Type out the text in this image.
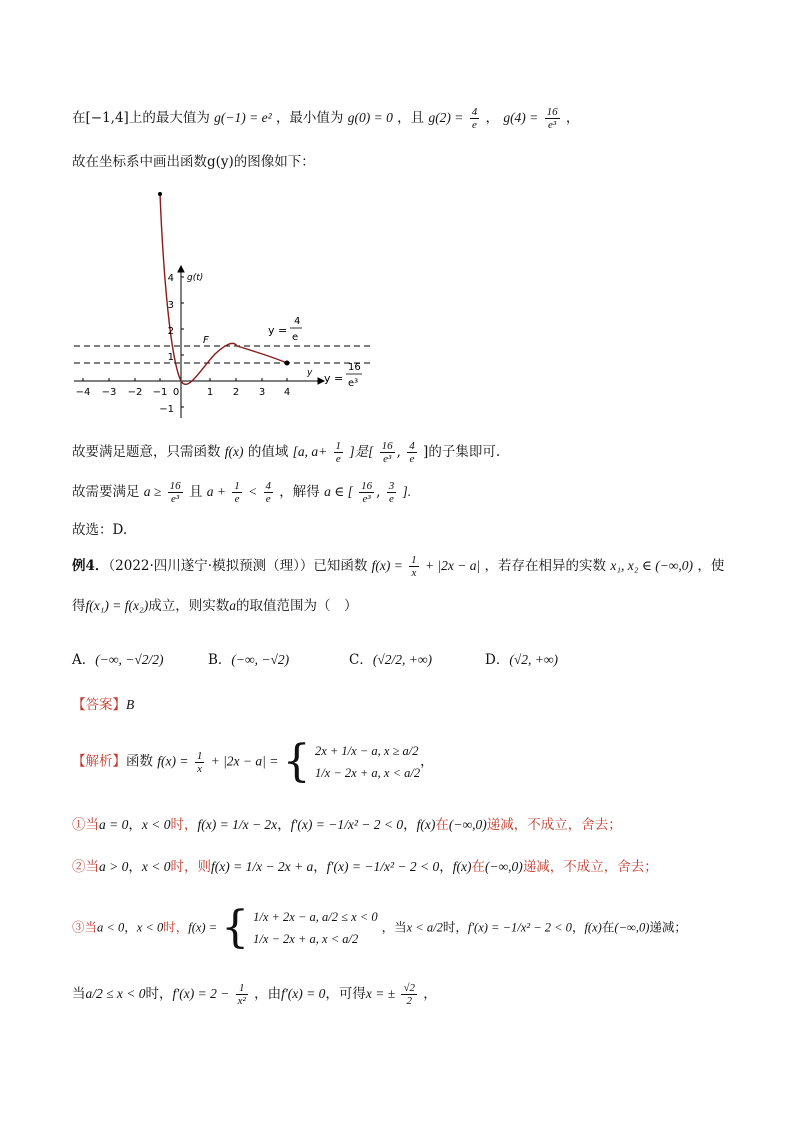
在[−1,4]上的最大值为 g(−1) = e² ，最小值为 g(0) = 0 ，且 $g(2) = \frac{4}{e}$ ， $g(4) = \frac{16}{\text{e³}}$ ，
故在坐标系中画出函数g(y)的图像如下：
−4 −3 −2 −1 0	1 2 3 4
4
3
2
1
−1
g(t)
y
F
y =
4
e
y =
16
e³
故要满足题意，只需函数 f(x) 的值域 [a, $a+ \frac{1}{e}$ ]是[ $\frac{16}{\text{e³}}$ , $\frac{4}{e}$ ]的子集即可.
故需要满足 $a \ge \frac{16}{\text{e³}}$ 且 $a + \frac{1}{e} < \frac{4}{e}$ ，解得 a ∈ [ $\frac{16}{\text{e³}}$ , $\frac{3}{e}$ ].
故选：D.
例4．（2022·四川遂宁·模拟预测（理））已知函数 $f(x) = \frac{1}{x} + |2x - a|$ ，若存在相异的实数 x₁, x₂ ∈ (−∞,0) ，使
得f(x₁) = f(x₂)成立，则实数a的取值范围为（　）
A．(−∞, −√2/2)	B．(−∞, −√2)	C．(√2/2, +∞)	D．(√2, +∞)
【答案】B
【解析】函数 $f(x) = \frac{1}{x} + |2x - a|$ = { 2x + 1/x − a, x ≥ a/2
1/x − 2x + a, x < a/2
，
①当a = 0，x < 0时，f(x) = 1/x − 2x，f′(x) = −1/x² − 2 < 0，f(x)在(−∞,0)递减，不成立，舍去；
②当a > 0，x < 0时，则f(x) = 1/x − 2x + a，f′(x) = −1/x² − 2 < 0，f(x)在(−∞,0)递减，不成立，舍去；
③当a < 0，x < 0时，f(x) = { 1/x + 2x − a, a/2 ≤ x < 0
1/x − 2x + a, x < a/2
，当x < a/2时，f′(x) = −1/x² − 2 < 0，f(x)在(−∞,0)递减；
当a/2 ≤ x < 0时，$f'(x) = 2 - \frac{1}{\text{x²}}$ ，由f′(x) = 0，可得x = ± $\frac{√2}{2}$ ，
